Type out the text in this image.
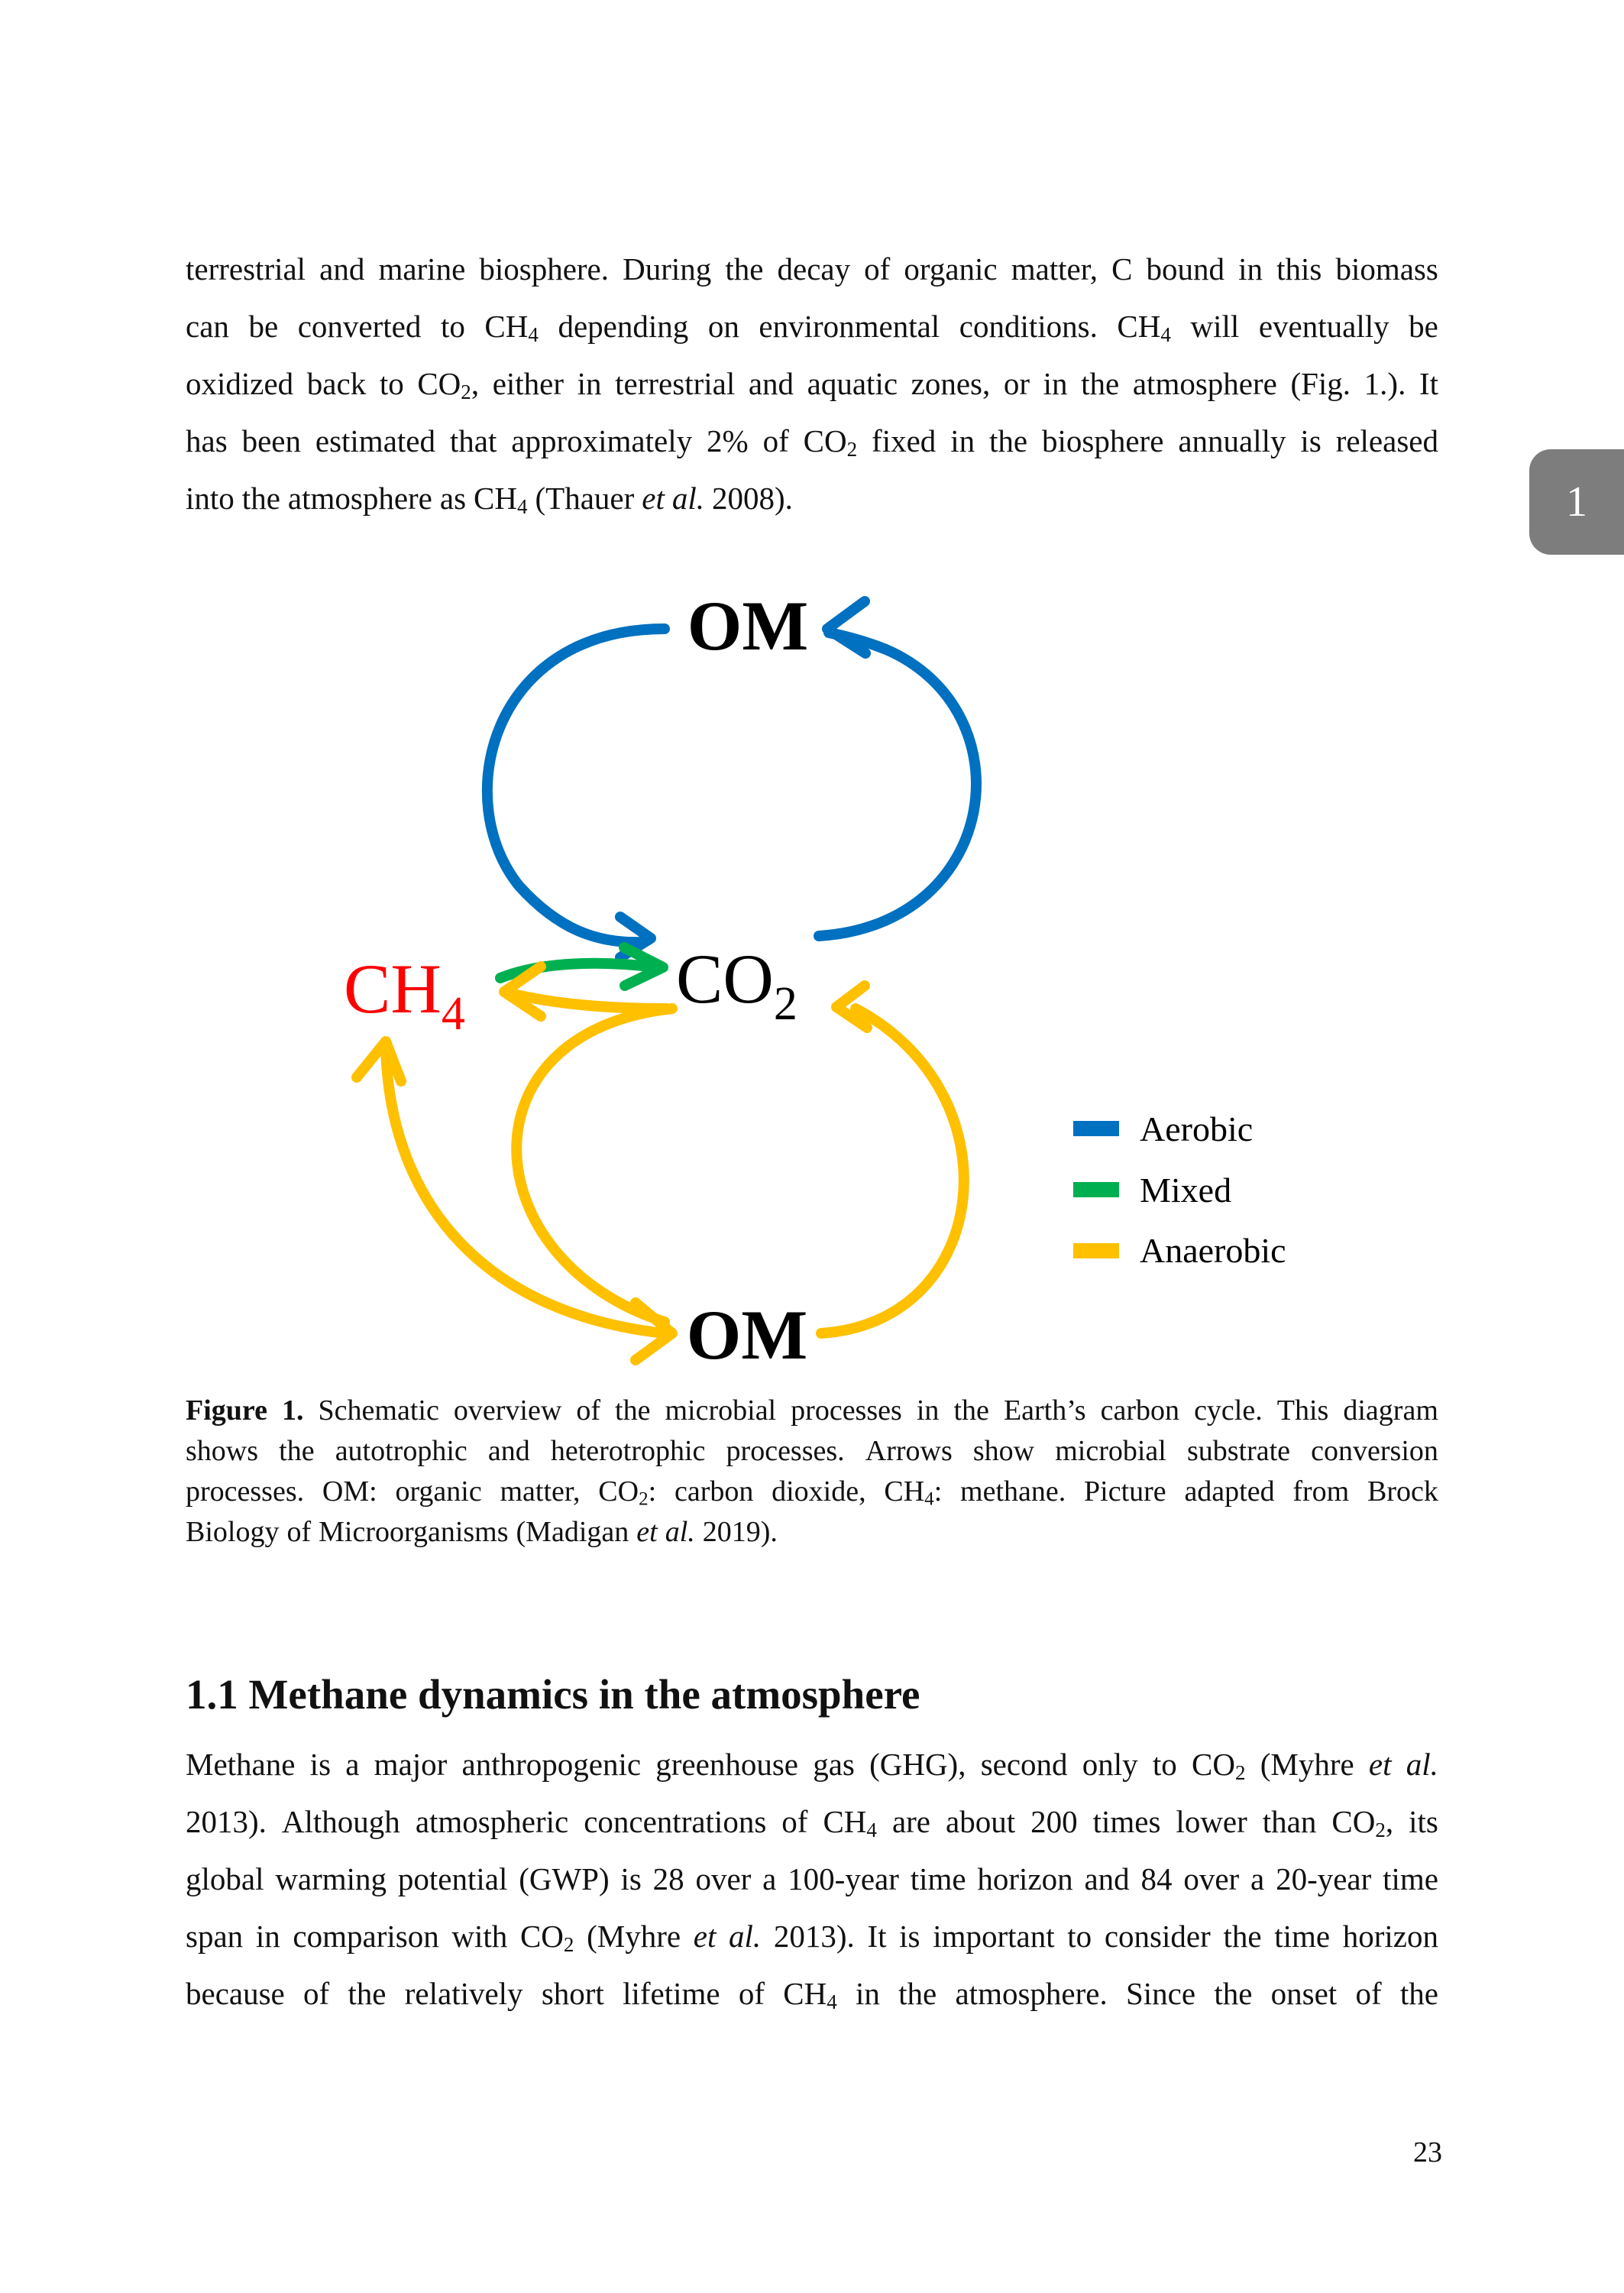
terrestrial and marine biosphere. During the decay of organic matter, C bound in this biomass
can be converted to $CH_4$ depending on environmental conditions. $CH_4$ will eventually be
oxidized back to $CO_2$, either in terrestrial and aquatic zones, or in the atmosphere (Fig. 1.). It
has been estimated that approximately 2% of $CO_2$ fixed in the biosphere annually is released
into the atmosphere as $CH_4$ (Thauer et al. 2008).	1
OM
$CO_2$
$CH_4$
OM
Aerobic
Mixed
Anaerobic
Figure 1. Schematic overview of the microbial processes in the Earth’s carbon cycle. This diagram
shows the autotrophic and heterotrophic processes. Arrows show microbial substrate conversion
processes. OM: organic matter, $CO_2$: carbon dioxide, $CH_4$: methane. Picture adapted from Brock
Biology of Microorganisms (Madigan et al. 2019).
1.1 Methane dynamics in the atmosphere
Methane is a major anthropogenic greenhouse gas (GHG), second only to $CO_2$ (Myhre et al.
2013). Although atmospheric concentrations of $CH_4$ are about 200 times lower than $CO_2$, its
global warming potential (GWP) is 28 over a 100-year time horizon and 84 over a 20-year time
span in comparison with $CO_2$ (Myhre et al. 2013). It is important to consider the time horizon
because of the relatively short lifetime of $CH_4$ in the atmosphere. Since the onset of the
23
